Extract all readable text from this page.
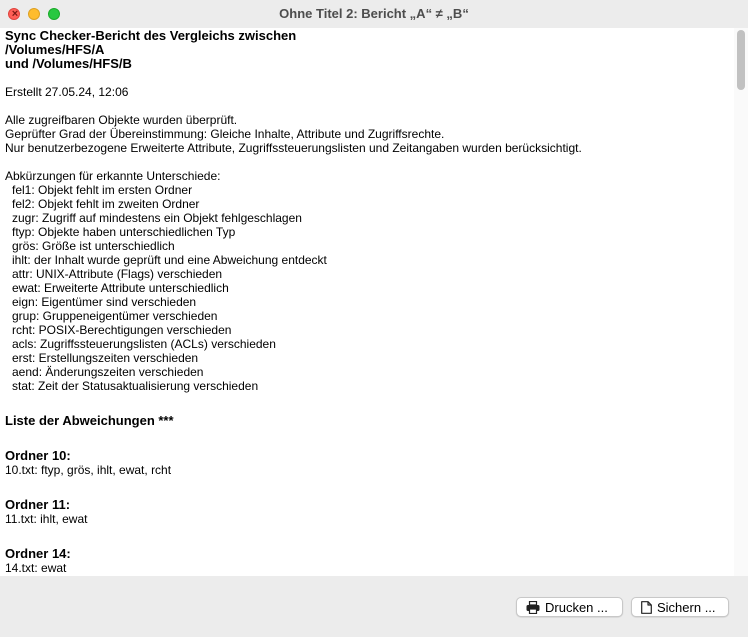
×
Ohne Titel 2: Bericht „A“ ≠ „B“

Sync Checker-Bericht des Vergleichs zwischen

/Volumes/HFS/A

und /Volumes/HFS/B

Erstellt 27.05.24, 12:06

Alle zugreifbaren Objekte wurden überprüft.

Geprüfter Grad der Übereinstimmung: Gleiche Inhalte, Attribute und Zugriffsrechte.

Nur benutzerbezogene Erweiterte Attribute, Zugriffssteuerungslisten und Zeitangaben wurden berücksichtigt.

Abkürzungen für erkannte Unterschiede:

fel1: Objekt fehlt im ersten Ordner
fel2: Objekt fehlt im zweiten Ordner
zugr: Zugriff auf mindestens ein Objekt fehlgeschlagen
ftyp: Objekte haben unterschiedlichen Typ
grös: Größe ist unterschiedlich
ihlt: der Inhalt wurde geprüft und eine Abweichung entdeckt
attr: UNIX-Attribute (Flags) verschieden
ewat: Erweiterte Attribute unterschiedlich
eign: Eigentümer sind verschieden
grup: Gruppeneigentümer verschieden
rcht: POSIX-Berechtigungen verschieden
acls: Zugriffssteuerungslisten (ACLs) verschieden
erst: Erstellungszeiten verschieden
aend: Änderungszeiten verschieden
stat: Zeit der Statusaktualisierung verschieden

Liste der Abweichungen ***

Ordner 10:

10.txt: ftyp, grös, ihlt, ewat, rcht

Ordner 11:

11.txt: ihlt, ewat

Ordner 14:

14.txt: ewat

Drucken ...	Sichern ...
